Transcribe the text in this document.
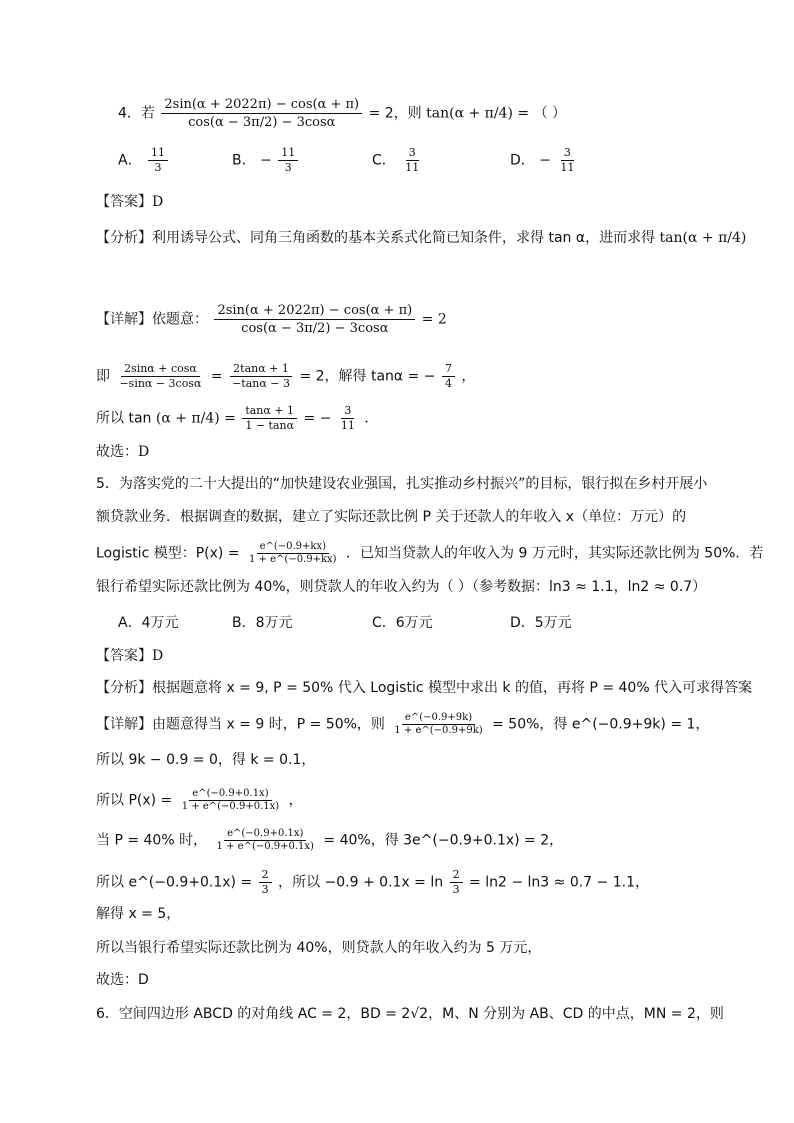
4．若 $\frac{2\sin(\alpha + 2022\pi) - \cos(\alpha + \pi)}{\cos(\alpha - 3\pi/2) - 3\cos\alpha} = 2$，则 tan(α + π/4) = （ ）
A． $\frac{11}{3}$	B． − $\frac{11}{3}$	C． $\frac{3}{11}$	D． − $\frac{3}{11}$
【答案】D
【分析】利用诱导公式、同角三角函数的基本关系式化简已知条件，求得 tan α，进而求得 tan(α + π/4)
【详解】依题意： $\frac{2\sin(\alpha + 2022\pi) - \cos(\alpha + \pi)}{\cos(\alpha - 3\pi/2) - 3\cos\alpha} = 2$
即 $\frac{2\sin\alpha + \cos\alpha}{-\sin\alpha - 3\cos\alpha} = \frac{2\tan\alpha + 1}{-\tan\alpha - 3} = 2$，解得 tanα = − $\frac{7}{4}$ ，
所以 $\tan (\alpha + \pi/4) = \frac{\tan\alpha + 1}{1 - \tan\alpha}$ = − $\frac{3}{11}$ ．
故选：D
5．为落实党的二十大提出的“加快建设农业强国，扎实推动乡村振兴”的目标，银行拟在乡村开展小
额贷款业务．根据调查的数据，建立了实际还款比例 P 关于还款人的年收入 x（单位：万元）的
Logistic 模型：$P(x) = \frac{e\^{}(-0.9+kx)}{1 + e\^{}(-0.9+kx)}$ ．已知当贷款人的年收入为 9 万元时，其实际还款比例为 50%．若
银行希望实际还款比例为 40%，则贷款人的年收入约为（ ）（参考数据：ln3 ≈ 1.1，ln2 ≈ 0.7）
A．4万元	B．8万元	C．6万元	D．5万元
【答案】D
【分析】根据题意将 x = 9, P = 50% 代入 Logistic 模型中求出 k 的值，再将 P = 40% 代入可求得答案
【详解】由题意得当 x = 9 时，P = 50%，则 $\frac{e\^{}(-0.9+9k)}{1 + e\^{}(-0.9+9k)} = 50\%$，得 e^(−0.9+9k) = 1，
所以 9k − 0.9 = 0，得 k = 0.1，
所以 $P(x) = \frac{e\^{}(-0.9+0.1x)}{1 + e\^{}(-0.9+0.1x)}$ ，
当 P = 40% 时， $\frac{e\^{}(-0.9+0.1x)}{1 + e\^{}(-0.9+0.1x)} = 40\%$，得 3e^(−0.9+0.1x) = 2，
所以 e^(−0.9+0.1x) = $\frac{2}{3}$ ，所以 $-0.9 + 0.1x = \ln \frac{2}{3} = \ln 2 - \ln 3 \approx 0.7 - 1.1$，
解得 x = 5，
所以当银行希望实际还款比例为 40%，则贷款人的年收入约为 5 万元，
故选：D
6．空间四边形 ABCD 的对角线 AC = 2，BD = 2√2，M、N 分别为 AB、CD 的中点，MN = 2，则
